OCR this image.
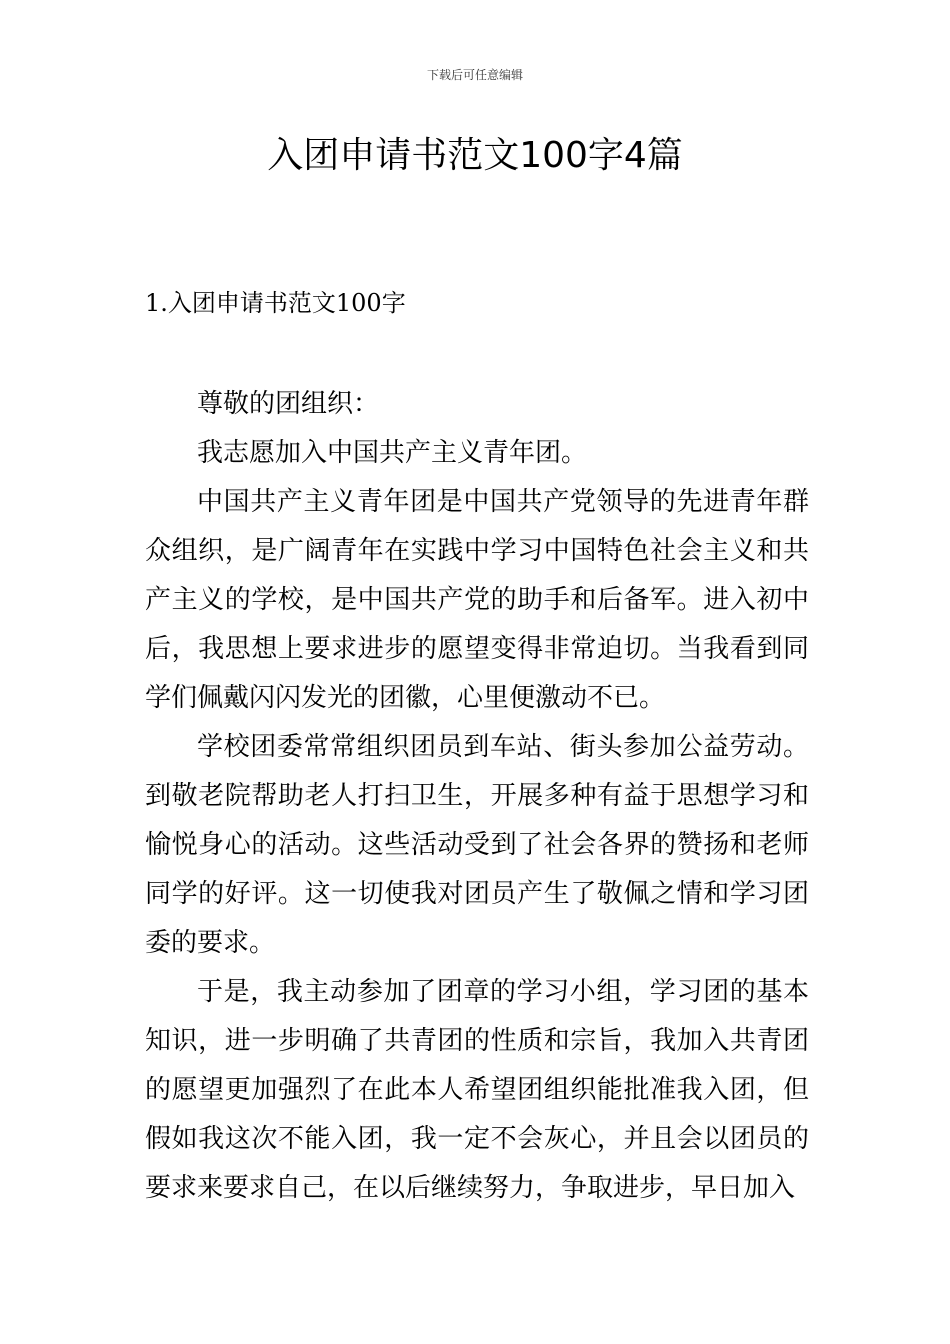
下载后可任意编辑
入团申请书范文100字4篇
1.入团申请书范文100字

尊敬的团组织：

我志愿加入中国共产主义青年团。

中国共产主义青年团是中国共产党领导的先进青年群众组织，是广阔青年在实践中学习中国特色社会主义和共产主义的学校，是中国共产党的助手和后备军。进入初中后，我思想上要求进步的愿望变得非常迫切。当我看到同学们佩戴闪闪发光的团徽，心里便激动不已。

学校团委常常组织团员到车站、街头参加公益劳动。到敬老院帮助老人打扫卫生，开展多种有益于思想学习和愉悦身心的活动。这些活动受到了社会各界的赞扬和老师同学的好评。这一切使我对团员产生了敬佩之情和学习团委的要求。

于是，我主动参加了团章的学习小组，学习团的基本知识，进一步明确了共青团的性质和宗旨，我加入共青团的愿望更加强烈了在此本人希望团组织能批准我入团，但假如我这次不能入团，我一定不会灰心，并且会以团员的要求来要求自己，在以后继续努力，争取进步，早日加入
